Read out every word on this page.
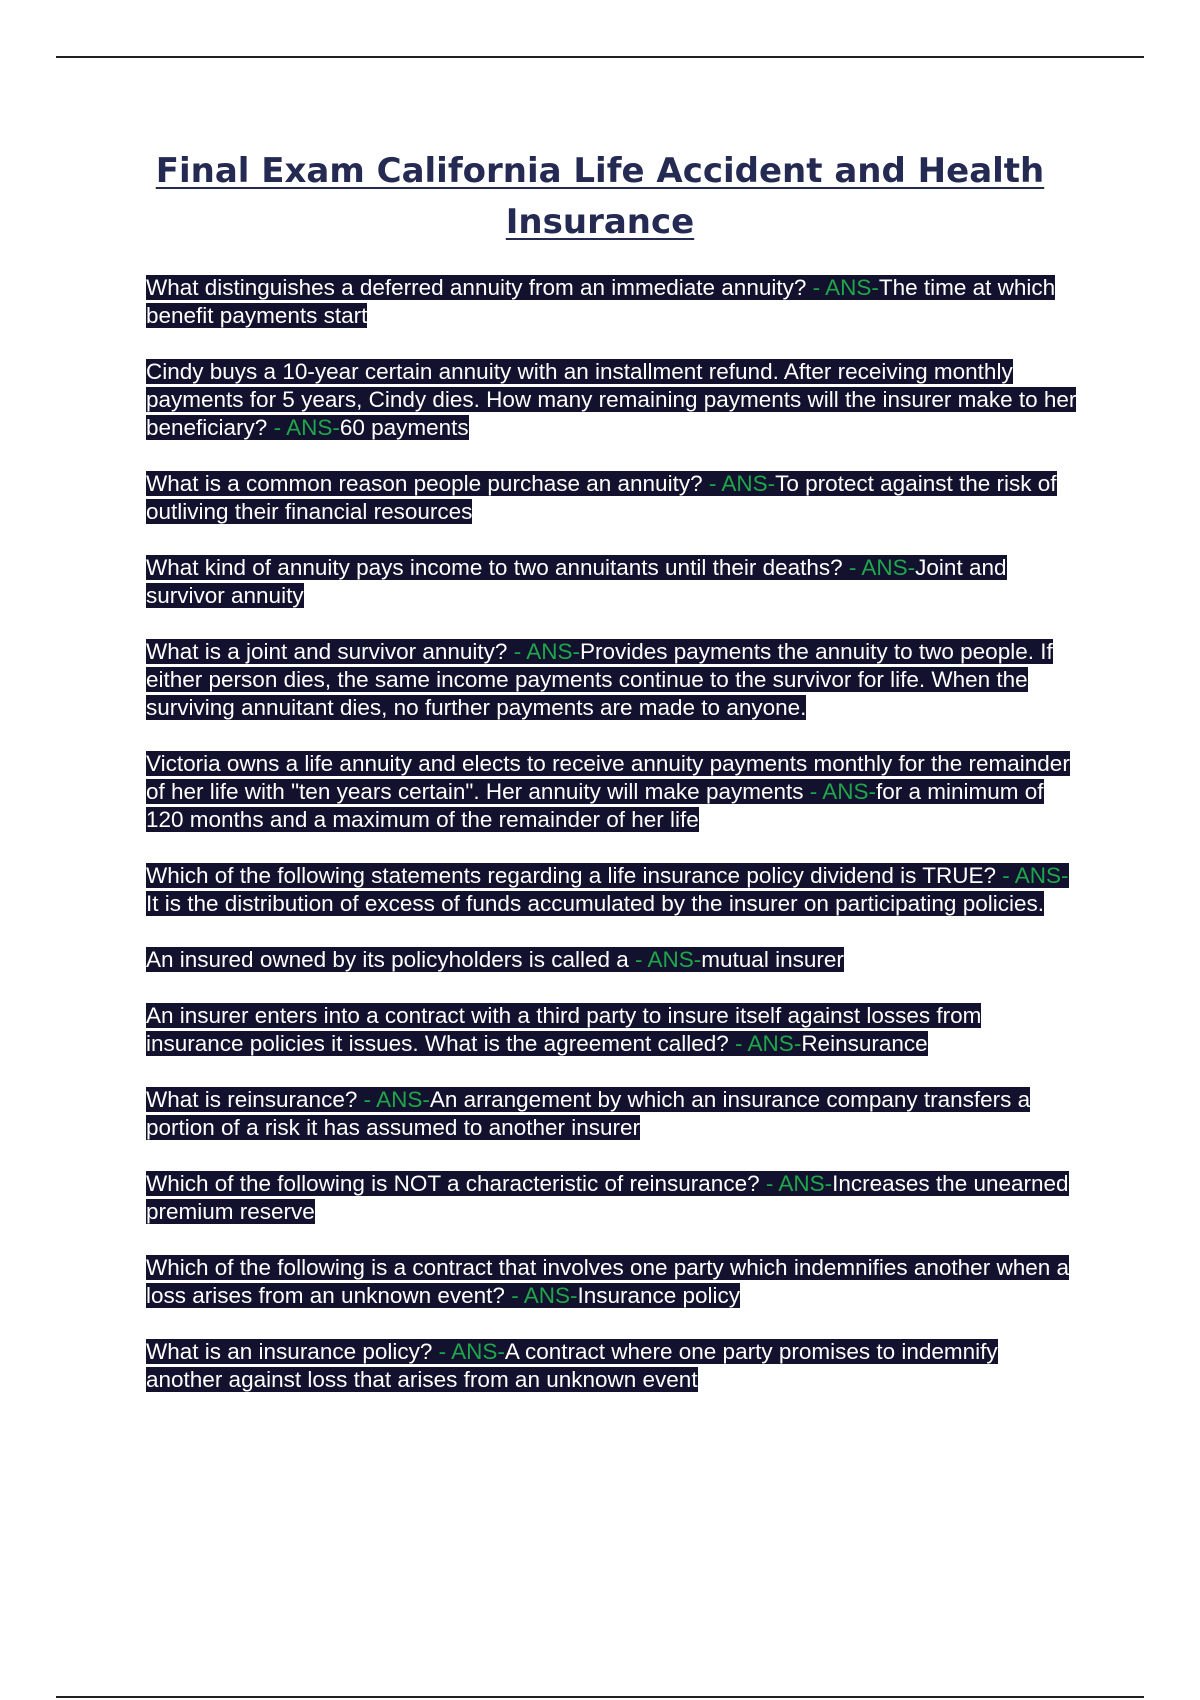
Final Exam California Life Accident and Health Insurance

What distinguishes a deferred annuity from an immediate annuity? - ANS-The time at which benefit payments start

Cindy buys a 10-year certain annuity with an installment refund. After receiving monthly payments for 5 years, Cindy dies. How many remaining payments will the insurer make to her beneficiary? - ANS-60 payments

What is a common reason people purchase an annuity? - ANS-To protect against the risk of outliving their financial resources

What kind of annuity pays income to two annuitants until their deaths? - ANS-Joint and survivor annuity

What is a joint and survivor annuity? - ANS-Provides payments the annuity to two people. If either person dies, the same income payments continue to the survivor for life. When the surviving annuitant dies, no further payments are made to anyone.

Victoria owns a life annuity and elects to receive annuity payments monthly for the remainder of her life with "ten years certain". Her annuity will make payments - ANS-for a minimum of 120 months and a maximum of the remainder of her life

Which of the following statements regarding a life insurance policy dividend is TRUE? - ANS-It is the distribution of excess of funds accumulated by the insurer on participating policies.

An insured owned by its policyholders is called a - ANS-mutual insurer

An insurer enters into a contract with a third party to insure itself against losses from insurance policies it issues. What is the agreement called? - ANS-Reinsurance

What is reinsurance? - ANS-An arrangement by which an insurance company transfers a portion of a risk it has assumed to another insurer

Which of the following is NOT a characteristic of reinsurance? - ANS-Increases the unearned premium reserve

Which of the following is a contract that involves one party which indemnifies another when a loss arises from an unknown event? - ANS-Insurance policy

What is an insurance policy? - ANS-A contract where one party promises to indemnify another against loss that arises from an unknown event
